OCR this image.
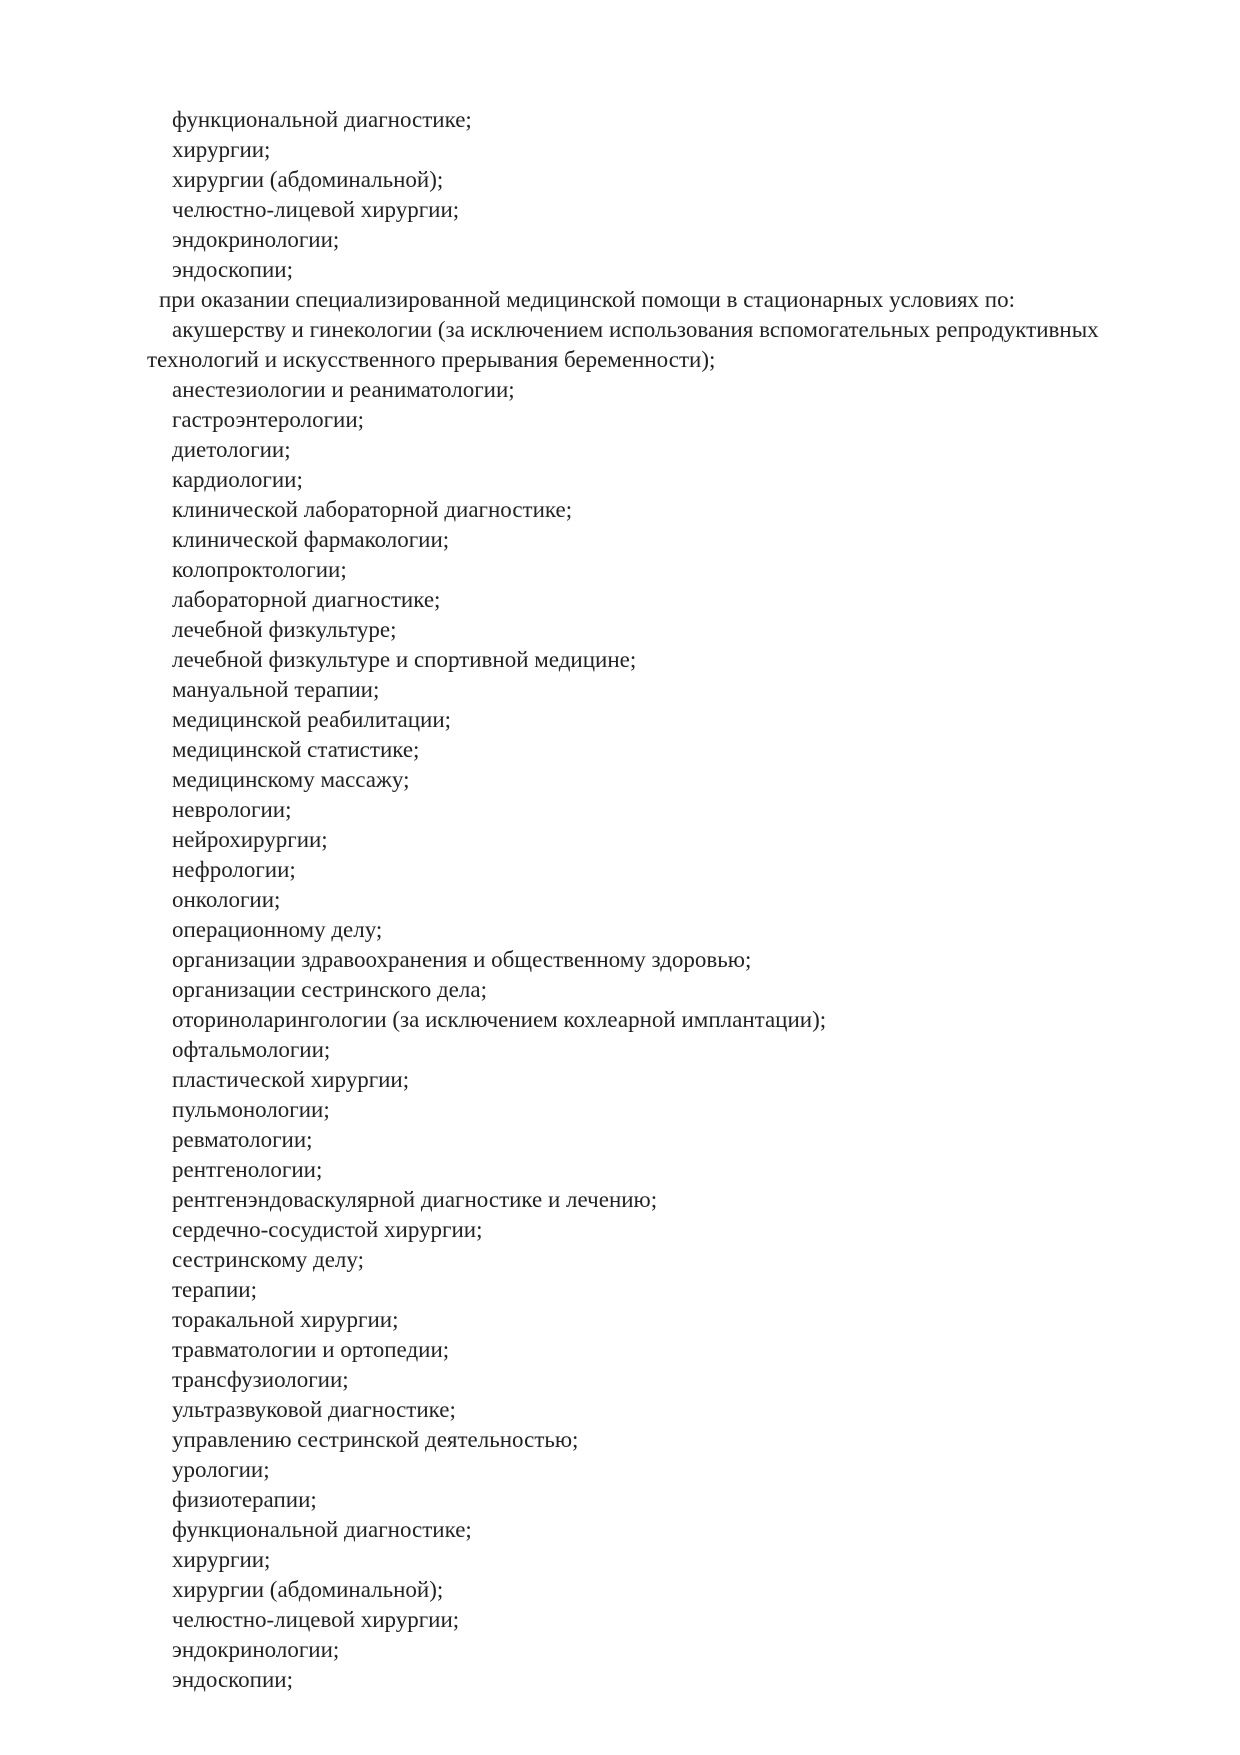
функциональной диагностике;
хирургии;
хирургии (абдоминальной);
челюстно-лицевой хирургии;
эндокринологии;
эндоскопии;
при оказании специализированной медицинской помощи в стационарных условиях по:
акушерству и гинекологии (за исключением использования вспомогательных репродуктивных
технологий и искусственного прерывания беременности);
анестезиологии и реаниматологии;
гастроэнтерологии;
диетологии;
кардиологии;
клинической лабораторной диагностике;
клинической фармакологии;
колопроктологии;
лабораторной диагностике;
лечебной физкультуре;
лечебной физкультуре и спортивной медицине;
мануальной терапии;
медицинской реабилитации;
медицинской статистике;
медицинскому массажу;
неврологии;
нейрохирургии;
нефрологии;
онкологии;
операционному делу;
организации здравоохранения и общественному здоровью;
организации сестринского дела;
оториноларингологии (за исключением кохлеарной имплантации);
офтальмологии;
пластической хирургии;
пульмонологии;
ревматологии;
рентгенологии;
рентгенэндоваскулярной диагностике и лечению;
сердечно-сосудистой хирургии;
сестринскому делу;
терапии;
торакальной хирургии;
травматологии и ортопедии;
трансфузиологии;
ультразвуковой диагностике;
управлению сестринской деятельностью;
урологии;
физиотерапии;
функциональной диагностике;
хирургии;
хирургии (абдоминальной);
челюстно-лицевой хирургии;
эндокринологии;
эндоскопии;
